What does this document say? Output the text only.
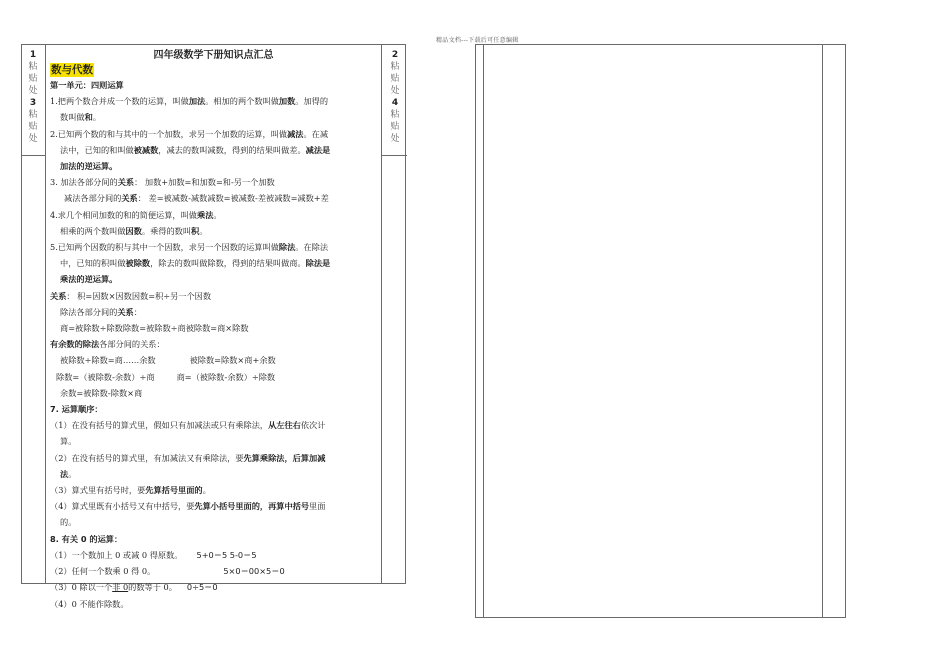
精品文档---下载后可任意编辑
1
粘
贴
处
3
粘
贴
处
2
粘
贴
处
4
粘
贴
处

四年级数学下册知识点汇总

数与代数

第一单元：四则运算

1.把两个数合并成一个数的运算，叫做加法。相加的两个数叫做加数。加得的

数叫做和。

2.已知两个数的和与其中的一个加数，求另一个加数的运算，叫做减法。在减

法中，已知的和叫做被减数，减去的数叫减数，得到的结果叫做差。减法是

加法的逆运算。

3. 加法各部分间的关系： 加数+加数=和加数=和-另一个加数

减法各部分间的关系： 差=被减数-减数减数=被减数-差被减数=减数+差

4.求几个相同加数的和的简便运算，叫做乘法。

相乘的两个数叫做因数。乘得的数叫积。

5.已知两个因数的积与其中一个因数，求另一个因数的运算叫做除法。在除法

中，已知的积叫做被除数，除去的数叫做除数，得到的结果叫做商。除法是

乘法的逆运算。

关系： 积=因数×因数因数=积÷另一个因数

除法各部分间的关系：

商=被除数÷除数除数=被除数÷商被除数=商×除数

有余数的除法各部分间的关系：

被除数÷除数=商……余数	被除数=除数×商+余数

除数=（被除数-余数）÷商	商=（被除数-余数）÷除数

余数=被除数-除数×商

7. 运算顺序：

（1）在没有括号的算式里，假如只有加减法或只有乘除法，从左往右依次计

算。

（2）在没有括号的算式里，有加减法又有乘除法，要先算乘除法，后算加减

法。

（3）算式里有括号时，要先算括号里面的。

（4）算式里既有小括号又有中括号，要先算小括号里面的，再算中括号里面

的。

8. 有关 0 的运算：

（1）一个数加上 0 或减 0 得原数。 5+0＝5 5-0＝5

（2）任何一个数乘 0 得 0。	5×0＝00×5＝0

（3）0 除以一个非 0的数等于 0。 0÷5＝0

（4）0 不能作除数。
